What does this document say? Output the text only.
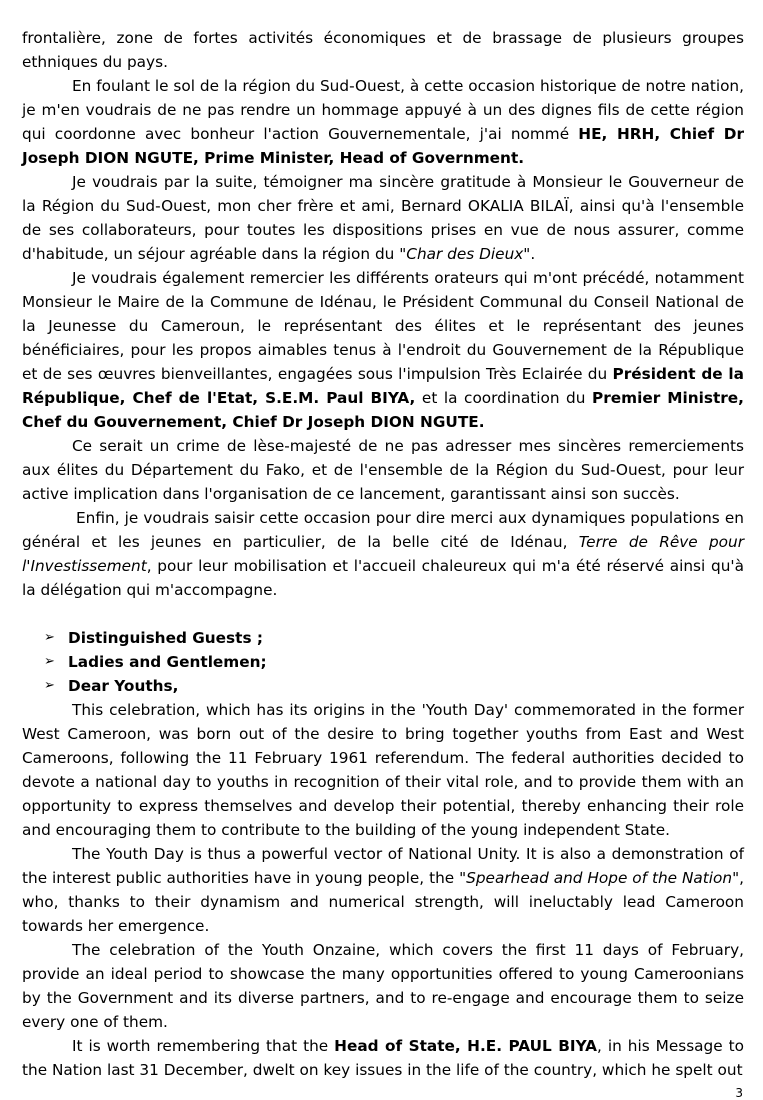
frontalière, zone de fortes activités économiques et de brassage de plusieurs groupes ethniques du pays.

En foulant le sol de la région du Sud-Ouest, à cette occasion historique de notre nation, je m'en voudrais de ne pas rendre un hommage appuyé à un des dignes fils de cette région qui coordonne avec bonheur l'action Gouvernementale, j'ai nommé HE, HRH, Chief Dr Joseph DION NGUTE, Prime Minister, Head of Government.

Je voudrais par la suite, témoigner ma sincère gratitude à Monsieur le Gouverneur de la Région du Sud-Ouest, mon cher frère et ami, Bernard OKALIA BILAÏ, ainsi qu'à l'ensemble de ses collaborateurs, pour toutes les dispositions prises en vue de nous assurer, comme d'habitude, un séjour agréable dans la région du "Char des Dieux".

Je voudrais également remercier les différents orateurs qui m'ont précédé, notamment Monsieur le Maire de la Commune de Idénau, le Président Communal du Conseil National de la Jeunesse du Cameroun, le représentant des élites et le représentant des jeunes bénéficiaires, pour les propos aimables tenus à l'endroit du Gouvernement de la République et de ses œuvres bienveillantes, engagées sous l'impulsion Très Eclairée du Président de la République, Chef de l'Etat, S.E.M. Paul BIYA, et la coordination du Premier Ministre, Chef du Gouvernement, Chief Dr Joseph DION NGUTE.

Ce serait un crime de lèse-majesté de ne pas adresser mes sincères remerciements aux élites du Département du Fako, et de l'ensemble de la Région du Sud-Ouest, pour leur active implication dans l'organisation de ce lancement, garantissant ainsi son succès.

Enfin, je voudrais saisir cette occasion pour dire merci aux dynamiques populations en général et les jeunes en particulier, de la belle cité de Idénau, Terre de Rêve pour l'Investissement, pour leur mobilisation et l'accueil chaleureux qui m'a été réservé ainsi qu'à la délégation qui m'accompagne.

➢ Distinguished Guests ;
➢ Ladies and Gentlemen;
➢ Dear Youths,

This celebration, which has its origins in the 'Youth Day' commemorated in the former West Cameroon, was born out of the desire to bring together youths from East and West Cameroons, following the 11 February 1961 referendum. The federal authorities decided to devote a national day to youths in recognition of their vital role, and to provide them with an opportunity to express themselves and develop their potential, thereby enhancing their role and encouraging them to contribute to the building of the young independent State.

The Youth Day is thus a powerful vector of National Unity. It is also a demonstration of the interest public authorities have in young people, the "Spearhead and Hope of the Nation", who, thanks to their dynamism and numerical strength, will ineluctably lead Cameroon towards her emergence.

The celebration of the Youth Onzaine, which covers the first 11 days of February, provide an ideal period to showcase the many opportunities offered to young Cameroonians by the Government and its diverse partners, and to re-engage and encourage them to seize every one of them.

It is worth remembering that the Head of State, H.E. PAUL BIYA, in his Message to the Nation last 31 December, dwelt on key issues in the life of the country, which he spelt out

3
